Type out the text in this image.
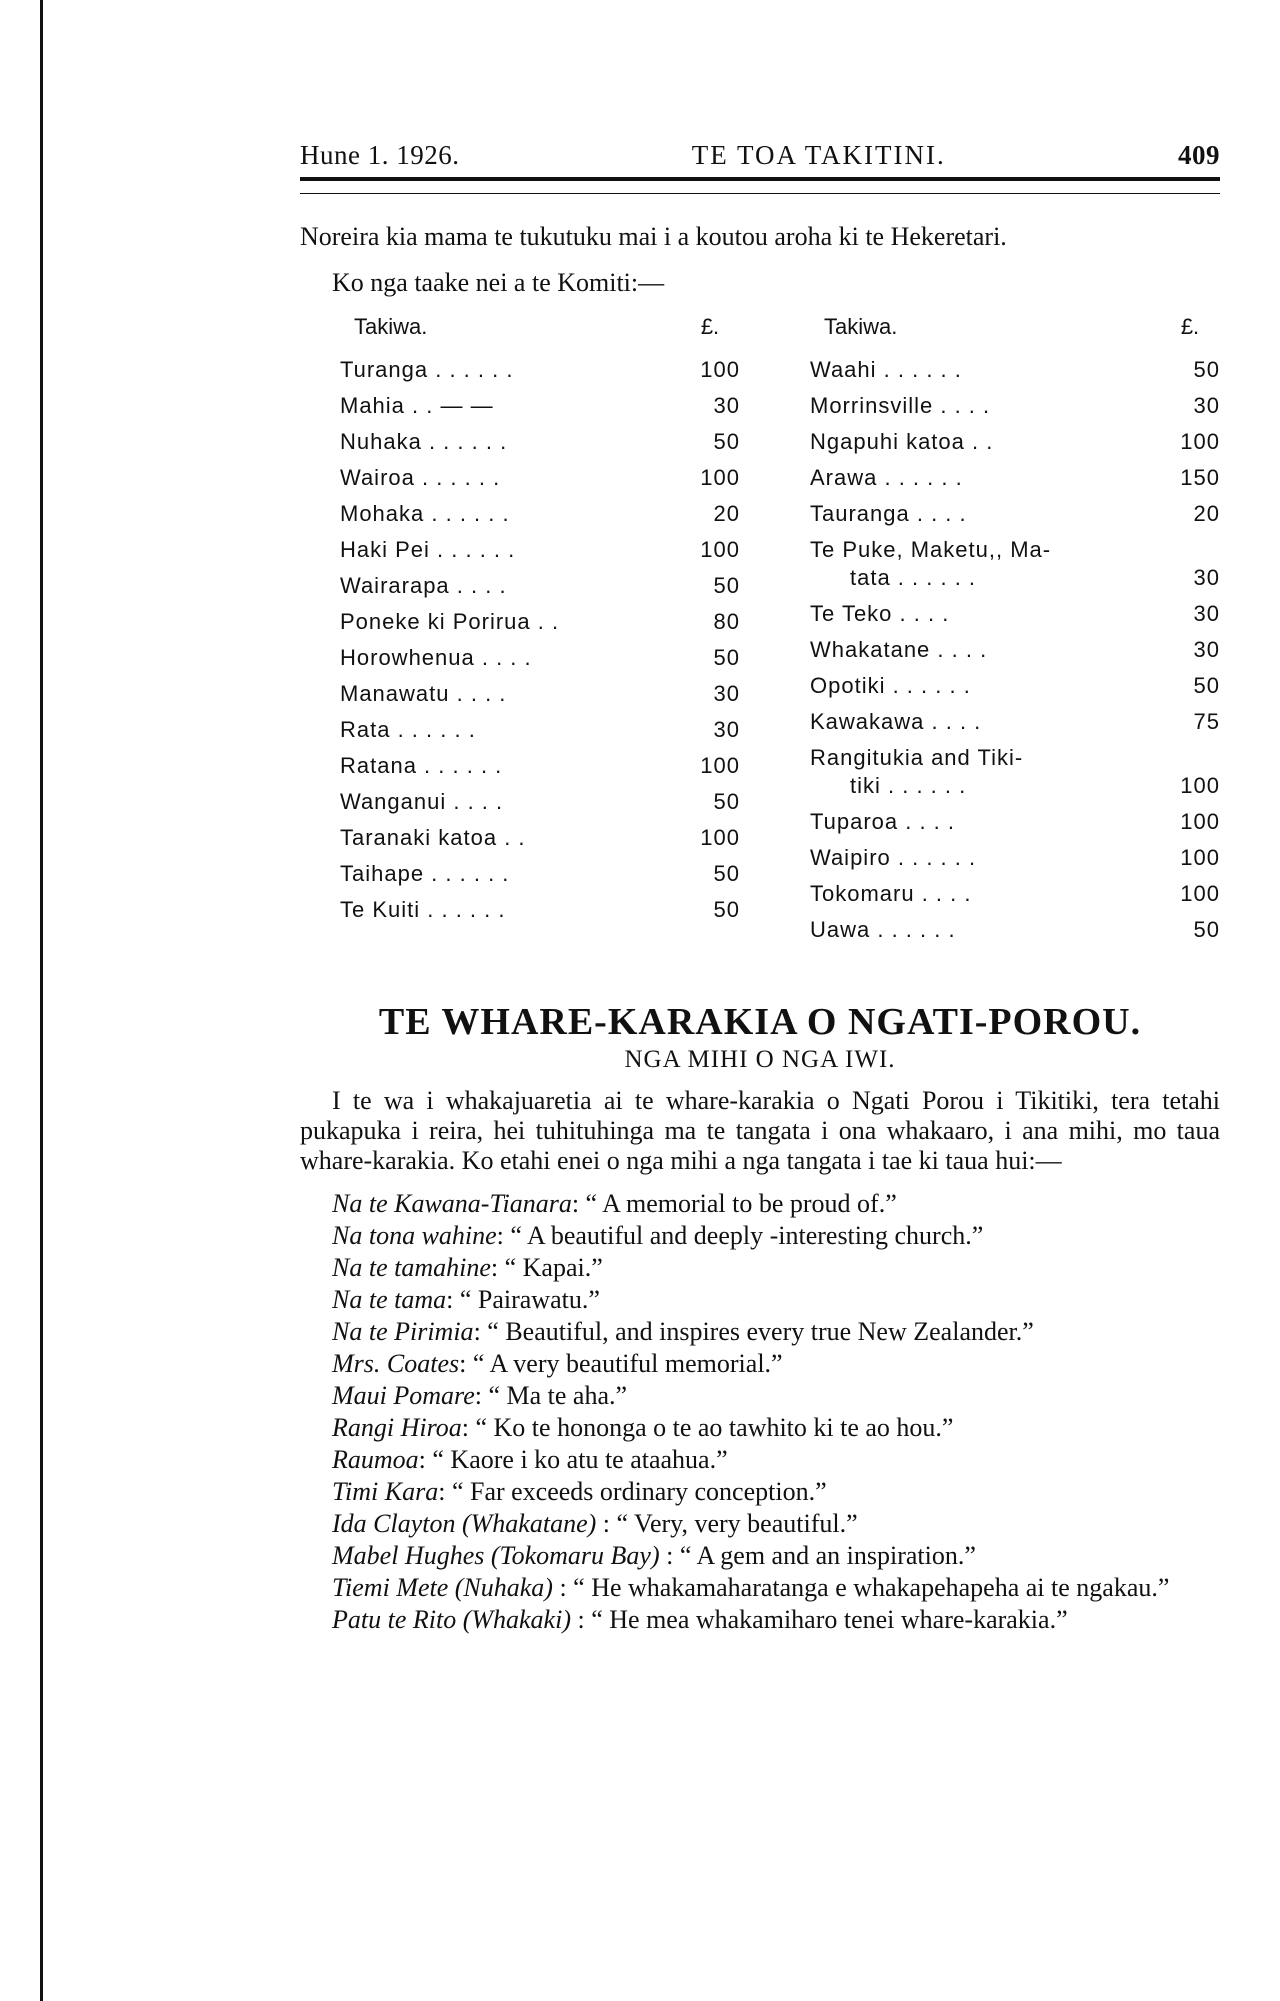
Hune 1. 1926.	TE TOA TAKITINI.	409

Noreira kia mama te tukutuku mai i a koutou aroha ki te Hekeretari.

Ko nga taake nei a te Komiti:—

Takiwa.	£.
Turanga . . . . . .	100
Mahia . . — —	30
Nuhaka . . . . . .	50
Wairoa . . . . . .	100
Mohaka . . . . . .	20
Haki Pei . . . . . .	100
Wairarapa . . . .	50
Poneke ki Porirua . .	80
Horowhenua . . . .	50
Manawatu . . . .	30
Rata . . . . . .	30
Ratana . . . . . .	100
Wanganui . . . .	50
Taranaki katoa . .	100
Taihape . . . . . .	50
Te Kuiti . . . . . .	50
Takiwa.	£.
Waahi . . . . . .	50
Morrinsville . . . .	30
Ngapuhi katoa . .	100
Arawa . . . . . .	150
Tauranga . . . .	20
Te Puke, Maketu,, Ma-
tata . . . . . .	30
Te Teko . . . .	30
Whakatane . . . .	30
Opotiki . . . . . .	50
Kawakawa . . . .	75
Rangitukia and Tiki-
tiki . . . . . .	100
Tuparoa . . . .	100
Waipiro . . . . . .	100
Tokomaru . . . .	100
Uawa . . . . . .	50
TE WHARE-KARAKIA O NGATI-POROU.
NGA MIHI O NGA IWI.

I te wa i whakajuaretia ai te whare-karakia o Ngati Porou i Tikitiki, tera tetahi pukapuka i reira, hei tuhituhinga ma te tangata i ona whakaaro, i ana mihi, mo taua whare-karakia. Ko etahi enei o nga mihi a nga tangata i tae ki taua hui:—

Na te Kawana-Tianara: “ A memorial to be proud of.”
Na tona wahine: “ A beautiful and deeply -interesting church.”
Na te tamahine: “ Kapai.”
Na te tama: “ Pairawatu.”
Na te Pirimia: “ Beautiful, and inspires every true New Zealander.”
Mrs. Coates: “ A very beautiful memorial.”
Maui Pomare: “ Ma te aha.”
Rangi Hiroa: “ Ko te hononga o te ao tawhito ki te ao hou.”
Raumoa: “ Kaore i ko atu te ataahua.”
Timi Kara: “ Far exceeds ordinary conception.”
Ida Clayton (Whakatane) : “ Very, very beautiful.”
Mabel Hughes (Tokomaru Bay) : “ A gem and an inspiration.”
Tiemi Mete (Nuhaka) : “ He whakamaharatanga e whakapehapeha ai te ngakau.”
Patu te Rito (Whakaki) : “ He mea whakamiharo tenei whare-karakia.”
